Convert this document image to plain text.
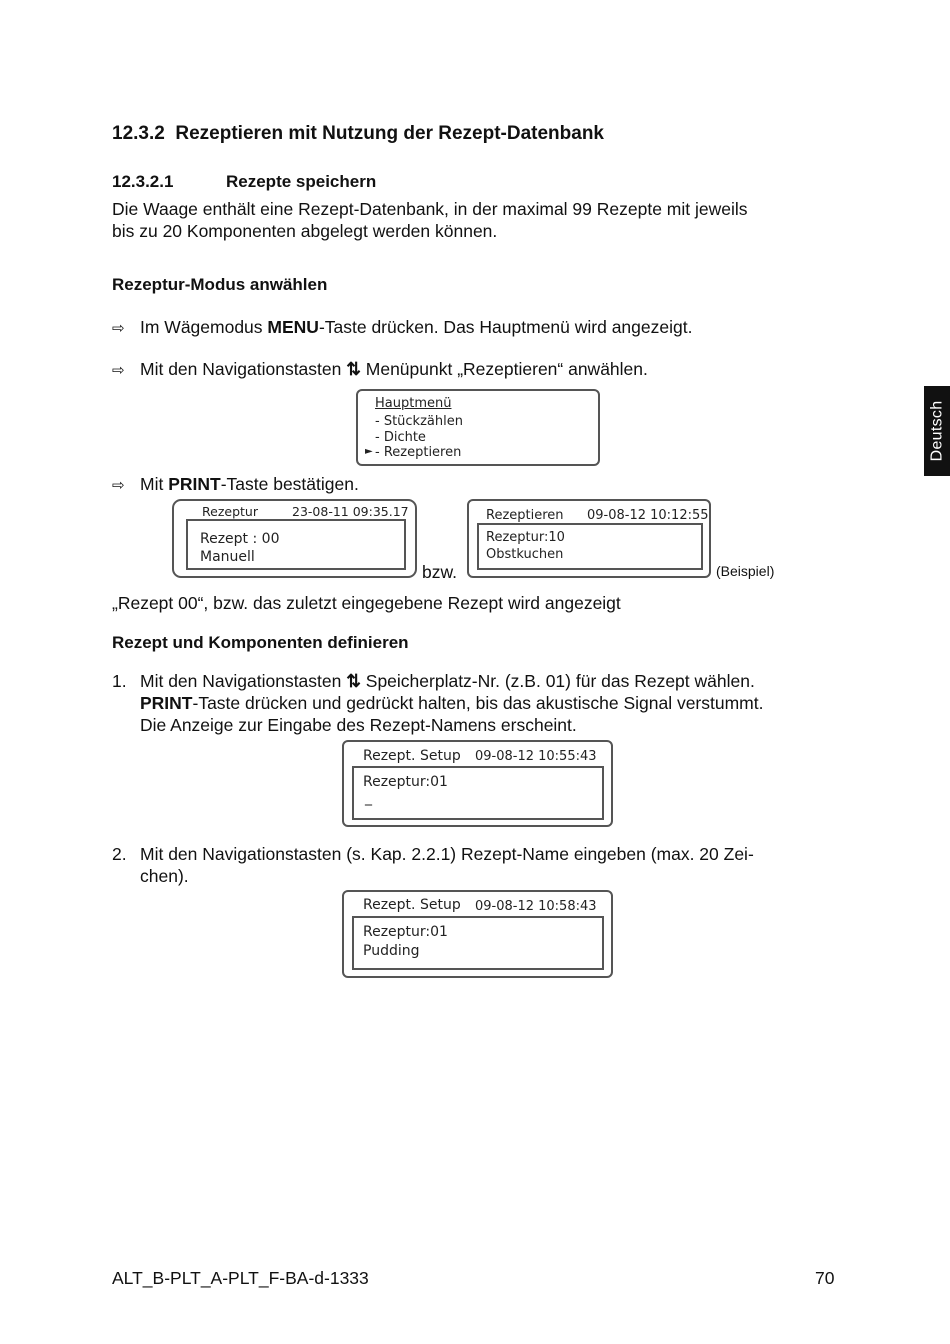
12.3.2 Rezeptieren mit Nutzung der Rezept-Datenbank
12.3.2.1	Rezepte speichern
Die Waage enthält eine Rezept-Datenbank, in der maximal 99 Rezepte mit jeweils
bis zu 20 Komponenten abgelegt werden können.
Rezeptur-Modus anwählen
⇨ Im Wägemodus MENU-Taste drücken. Das Hauptmenü wird angezeigt.
⇨ Mit den Navigationstasten ⇅ Menüpunkt „Rezeptieren“ anwählen.
Hauptmenü
- Stückzählen
- Dichte
► - Rezeptieren
⇨ Mit PRINT-Taste bestätigen.
Rezeptur	23-08-11 09:35.17
Rezept : 00
Manuell
bzw.
Rezeptieren 09-08-12 10:12:55
Rezeptur:10
Obstkuchen
(Beispiel)
„Rezept 00“, bzw. das zuletzt eingegebene Rezept wird angezeigt
Rezept und Komponenten definieren
1. Mit den Navigationstasten ⇅ Speicherplatz-Nr. (z.B. 01) für das Rezept wählen.
PRINT-Taste drücken und gedrückt halten, bis das akustische Signal verstummt.
Die Anzeige zur Eingabe des Rezept-Namens erscheint.
Rezept. Setup 09-08-12 10:55:43
Rezeptur:01
_
2. Mit den Navigationstasten (s. Kap. 2.2.1) Rezept-Name eingeben (max. 20 Zei-
chen).
Rezept. Setup 09-08-12 10:58:43
Rezeptur:01
Pudding
Deutsch
ALT_B-PLT_A-PLT_F-BA-d-1333	70
